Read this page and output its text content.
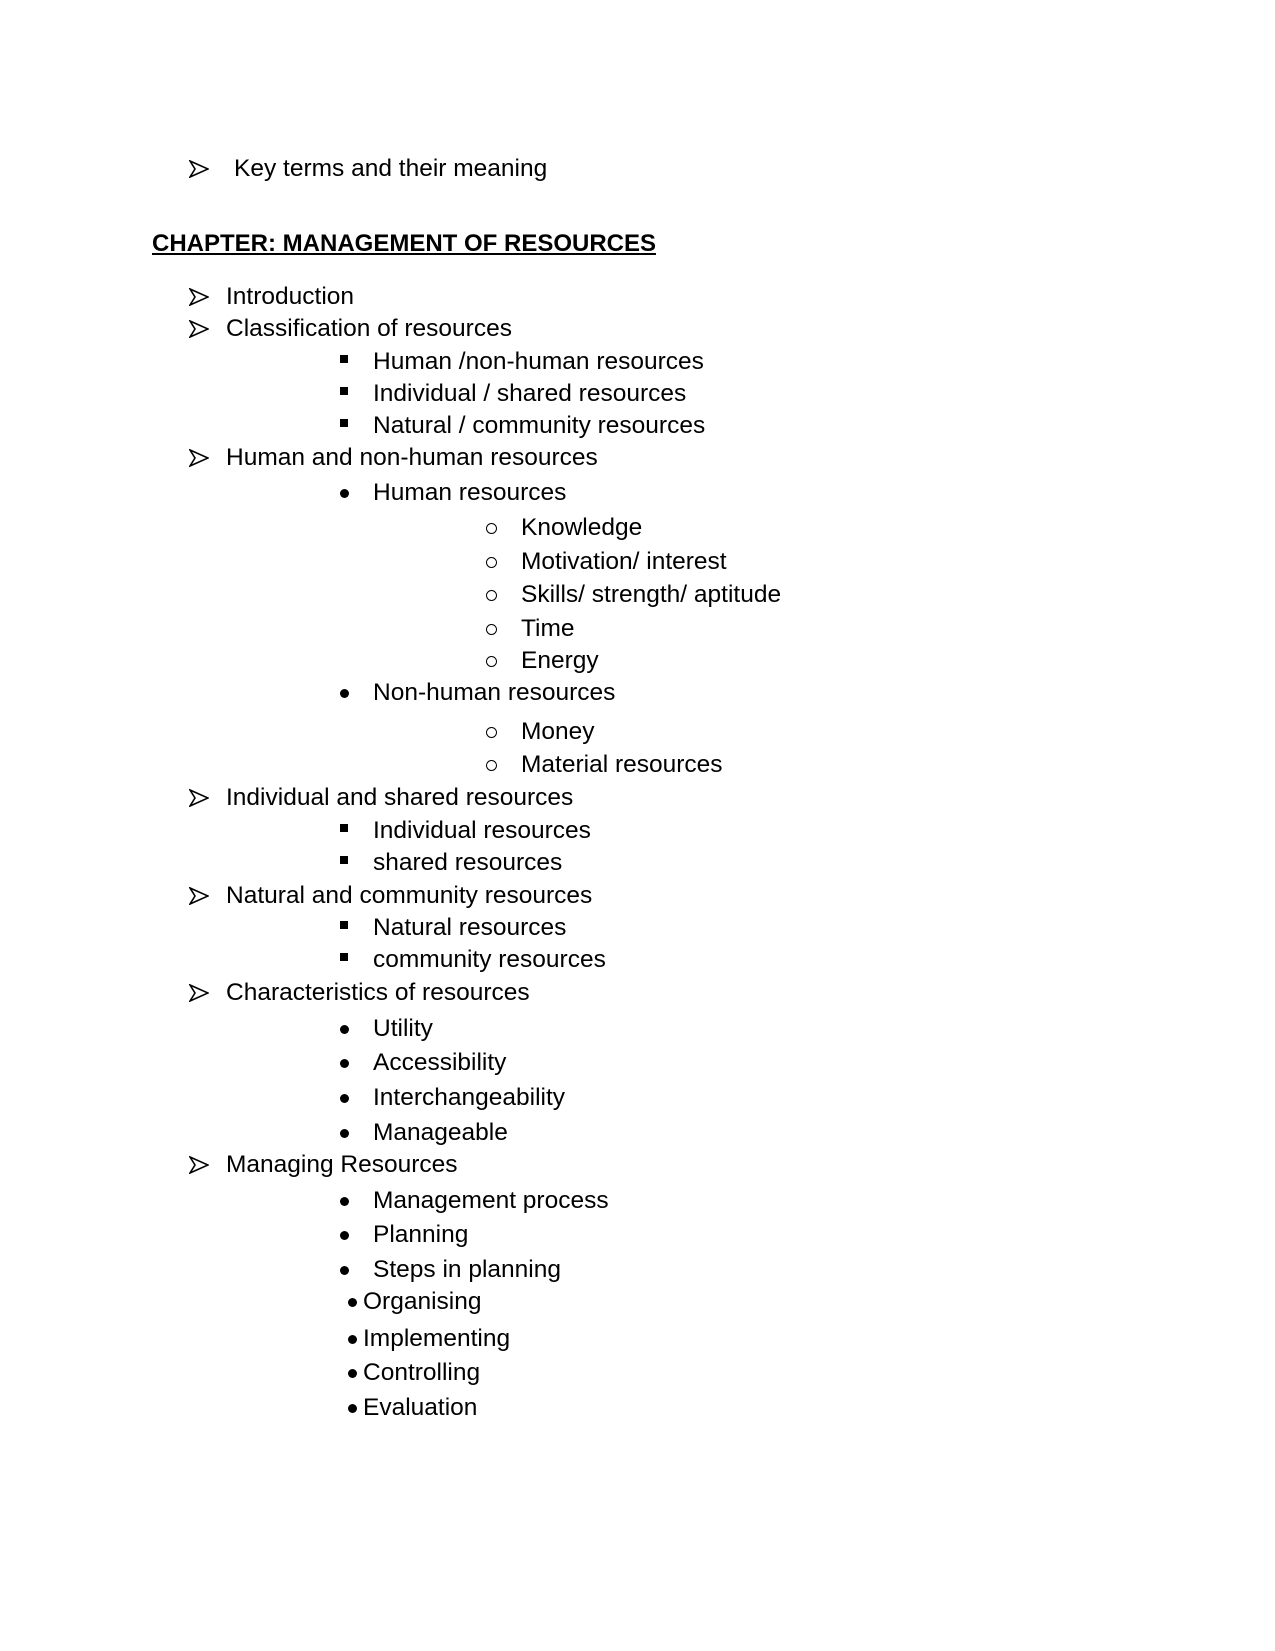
Key terms and their meaning
CHAPTER: MANAGEMENT OF RESOURCES
Introduction
Classification of resources
Human /non-human resources
Individual / shared resources
Natural / community resources
Human and non-human resources
Human resources
Knowledge
Motivation/ interest
Skills/ strength/ aptitude
Time
Energy
Non-human resources
Money
Material resources
Individual and shared resources
Individual resources
shared resources
Natural and community resources
Natural resources
community resources
Characteristics of resources
Utility
Accessibility
Interchangeability
Manageable
Managing Resources
Management process
Planning
Steps in planning
Organising
Implementing
Controlling
Evaluation
